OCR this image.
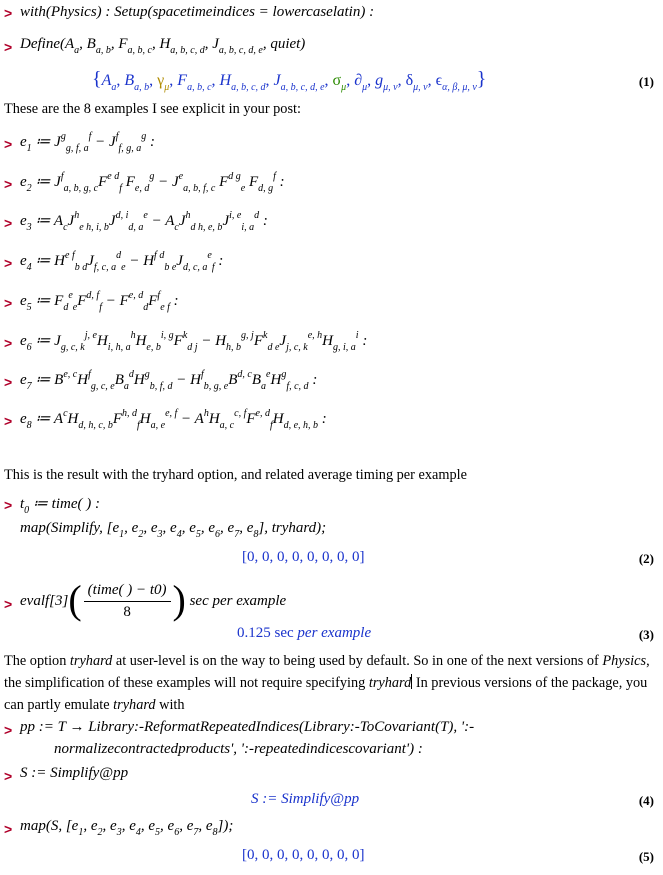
> with(Physics) : Setup(spacetimeindices = lowercaselatin) :
> $Define(A_a$, $B_{a, b}$, $F_{a, b, c}$, $H_{a, b, c, d}$, $J_{a, b, c, d, e}$, quiet)
{$A_a$, $B_{a, b}$, $\gamma_\mu$, $F_{a, b, c}$, $H_{a, b, c, d}$, $J_{a, b, c, d, e}$, $\sigma_\mu$, $\partial_\mu$, $g_{\mu, \nu}$, $\delta_{\mu, \nu}$, $\epsilon_{\alpha, \beta, \mu, \nu}$}	(1)
These are the 8 examples I see explicit in your post:
> $e_1$ ≔ $J^g_{g, f, a}^f - J^f_{f, g, a}^g$ :
> $e_2$ ≔ $J^f_{a, b, g, c}F^{e d}_f$ $F_{e, d}^g - J^e_{a, b, f, c}$ $F^{d g}_e$ $F_{d, g}^f$ :
> $e_3$ ≔ $A_cJ^h_{e h, i, b}J^{d, i}_{d, a}^e - A_cJ^h_{d h, e, b}J^{i, e}_{i, a}^d$ :
> $e_4$ ≔ $H^{e f}_{b d}J_{f, c, a}^d_e - H^{f d}_{b e}J_{d, c, a}^e_f$ :
> $e_5$ ≔ $F_d^e_eF^{d, f}_f - F^{e, d}_dF^f_{e f}$ :
> $e_6$ ≔ $J_{g, c, k}^{j, e}H_{i, h, a}^hH_{e, b}^{i, g}F^k_{d j} - H_{h, b}^{g, j}F^k_{d e}J_{j, c, k}^{e, h}H_{g, i, a}^i$ :
> $e_7$ ≔ $B^{e, c}H^f_{g, c, e}B_a^dH^g_{b, f, d} - H^f_{b, g, e}B^{d, c}B_a^eH^g_{f, c, d}$ :
> $e_8$ ≔ $A^cH_{d, h, c, b}F^{h, d}_fH_{a, e}^{e, f} - A^hH_{a, c}^{c, f}F^{e, d}_fH_{d, e, h, b}$ :
This is the result with the tryhard option, and related average timing per example
> $t_0$ ≔ time( ) :
map(Simplify, [$e_1$, $e_2$, $e_3$, $e_4$, $e_5$, $e_6$, $e_7$, $e_8$], tryhard);
[0, 0, 0, 0, 0, 0, 0, 0]	(2)
> evalf[3]( $\frac{\text{(time( ) − t0)}}{8}$ ) sec per example
0.125 sec per example	(3)
The option tryhard at user-level is on the way to being used by default. So in one of the next versions of Physics, the simplification of these examples will not require specifying tryhard In previous versions of the package, you can partly emulate tryhard with
> pp := T → Library:-ReformatRepeatedIndices(Library:-ToCovariant(T), ':-
normalizecontractedproducts', ':-repeatedindicescovariant') :
> S := Simplify@pp
S := Simplify@pp	(4)
> map(S, [$e_1$, $e_2$, $e_3$, $e_4$, $e_5$, $e_6$, $e_7$, $e_8$]);
[0, 0, 0, 0, 0, 0, 0, 0]	(5)
